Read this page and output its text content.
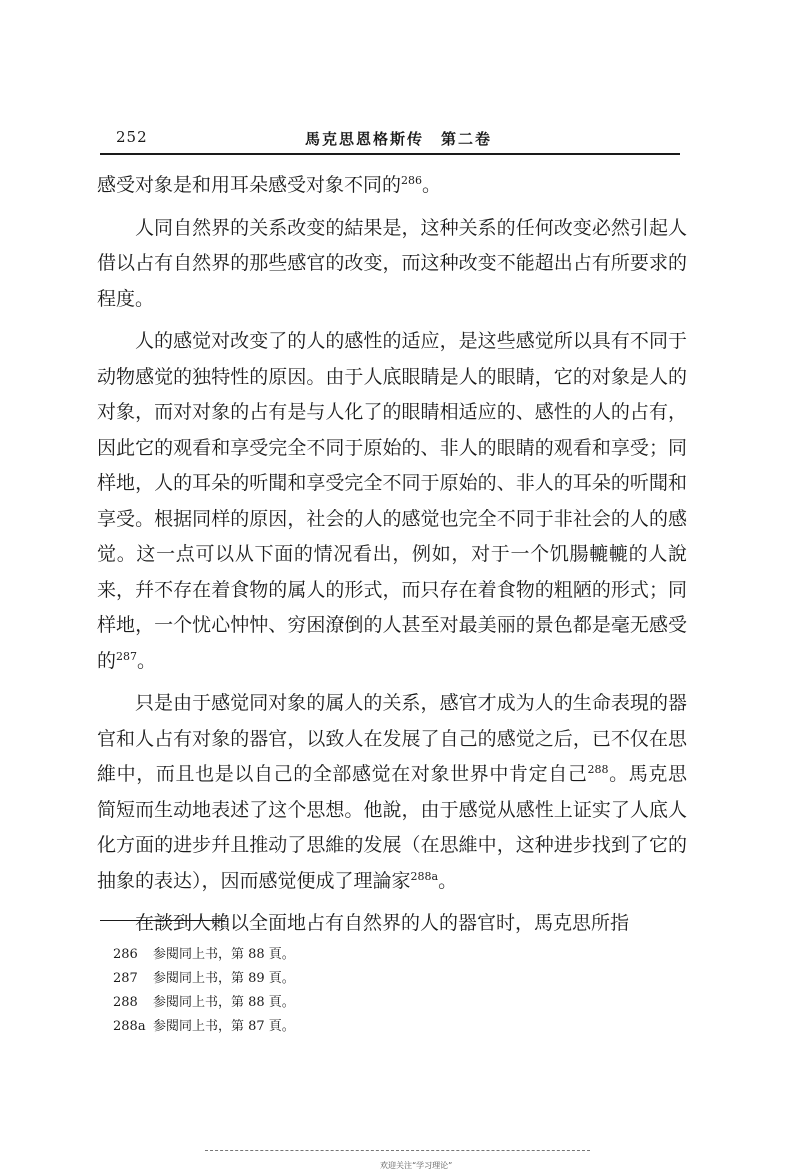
252	馬克思恩格斯传　第二卷

感受对象是和用耳朵感受对象不同的$^{286}$。

人同自然界的关系改变的結果是，这种关系的任何改变必然引起人借以占有自然界的那些感官的改变，而这种改变不能超出占有所要求的程度。

人的感觉对改变了的人的感性的适应，是这些感觉所以具有不同于动物感觉的独特性的原因。由于人底眼睛是人的眼睛，它的对象是人的对象，而对对象的占有是与人化了的眼睛相适应的、感性的人的占有，因此它的观看和享受完全不同于原始的、非人的眼睛的观看和享受；同样地，人的耳朵的听聞和享受完全不同于原始的、非人的耳朵的听聞和享受。根据同样的原因，社会的人的感觉也完全不同于非社会的人的感觉。这一点可以从下面的情况看出，例如，对于一个饥腸轆轆的人說来，幷不存在着食物的属人的形式，而只存在着食物的粗陋的形式；同样地，一个忧心忡忡、穷困潦倒的人甚至对最美丽的景色都是毫无感受的$^{287}$。

只是由于感觉同对象的属人的关系，感官才成为人的生命表現的器官和人占有对象的器官，以致人在发展了自己的感觉之后，已不仅在思維中，而且也是以自己的全部感觉在对象世界中肯定自己$^{288}$。馬克思简短而生动地表述了这个思想。他說，由于感觉从感性上证实了人底人化方面的进步幷且推动了思維的发展（在思維中，这种进步找到了它的抽象的表达），因而感觉便成了理論家$^{288a}$。

在談到人賴以全面地占有自然界的人的器官时，馬克思所指

286	参閱同上书，第 88 頁。
287	参閱同上书，第 89 頁。
288	参閱同上书，第 88 頁。
288a 参閱同上书，第 87 頁。
欢迎关注“学习理论”
